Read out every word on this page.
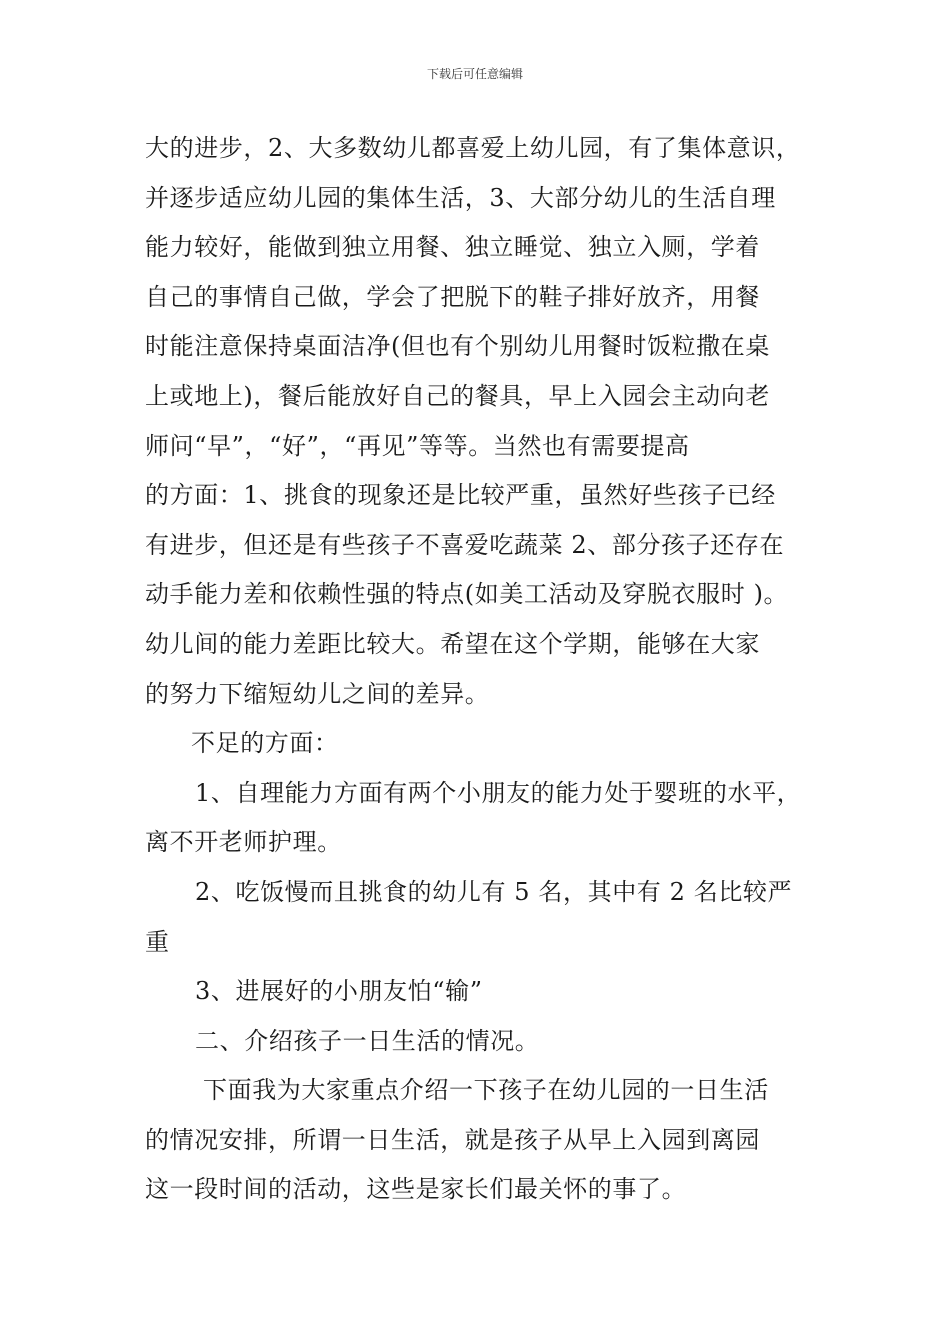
下载后可任意编辑
大的进步，2、大多数幼儿都喜爱上幼儿园，有了集体意识，
并逐步适应幼儿园的集体生活，3、大部分幼儿的生活自理
能力较好，能做到独立用餐、独立睡觉、独立入厕，学着
自己的事情自己做，学会了把脱下的鞋子排好放齐，用餐
时能注意保持桌面洁净(但也有个别幼儿用餐时饭粒撒在桌
上或地上)，餐后能放好自己的餐具，早上入园会主动向老
师问“早”，“好”，“再见”等等。当然也有需要提高
的方面：1、挑食的现象还是比较严重，虽然好些孩子已经
有进步，但还是有些孩子不喜爱吃蔬菜 2、部分孩子还存在
动手能力差和依赖性强的特点(如美工活动及穿脱衣服时 )。
幼儿间的能力差距比较大。希望在这个学期，能够在大家
的努力下缩短幼儿之间的差异。
不足的方面：
1、自理能力方面有两个小朋友的能力处于婴班的水平，
离不开老师护理。
2、吃饭慢而且挑食的幼儿有 5 名，其中有 2 名比较严
重
3、进展好的小朋友怕“输”
二、介绍孩子一日生活的情况。
下面我为大家重点介绍一下孩子在幼儿园的一日生活
的情况安排，所谓一日生活，就是孩子从早上入园到离园
这一段时间的活动，这些是家长们最关怀的事了。
